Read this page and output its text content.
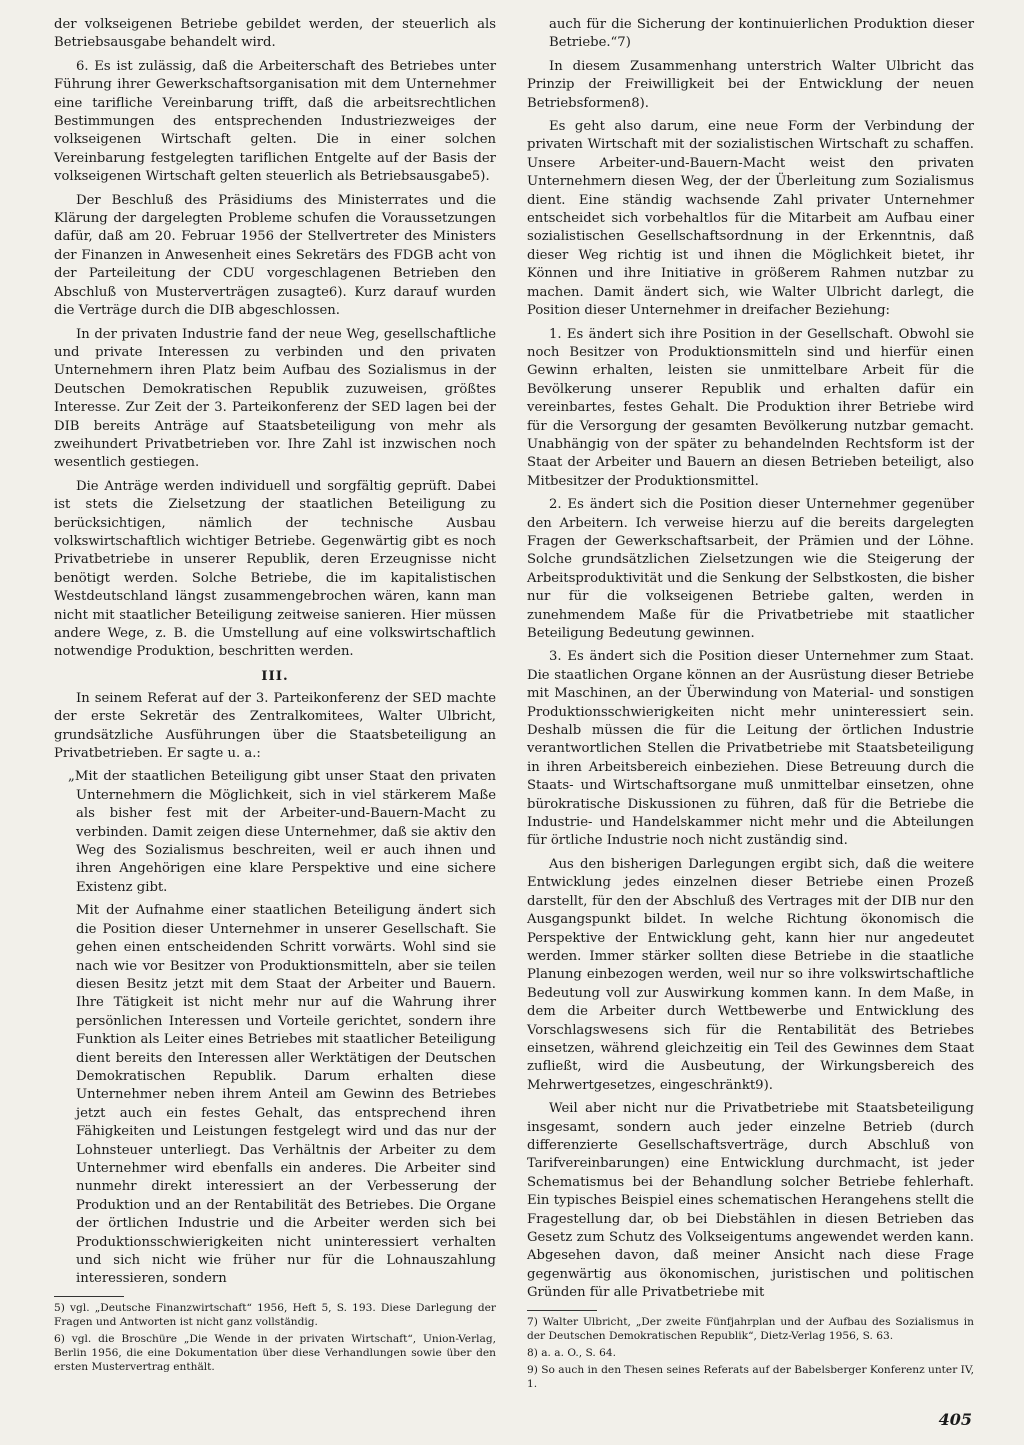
der volkseigenen Betriebe gebildet werden, der steuerlich als Betriebsausgabe behandelt wird.

6. Es ist zulässig, daß die Arbeiterschaft des Betriebes unter Führung ihrer Gewerkschaftsorganisation mit dem Unternehmer eine tarifliche Vereinbarung trifft, daß die arbeitsrechtlichen Bestimmungen des entsprechenden Industriezweiges der volkseigenen Wirtschaft gelten. Die in einer solchen Vereinbarung festgelegten tariflichen Entgelte auf der Basis der volkseigenen Wirtschaft gelten steuerlich als Betriebsausgabe5).

Der Beschluß des Präsidiums des Ministerrates und die Klärung der dargelegten Probleme schufen die Voraussetzungen dafür, daß am 20. Februar 1956 der Stellvertreter des Ministers der Finanzen in Anwesenheit eines Sekretärs des FDGB acht von der Parteileitung der CDU vorgeschlagenen Betrieben den Abschluß von Musterverträgen zusagte6). Kurz darauf wurden die Verträge durch die DIB abgeschlossen.

In der privaten Industrie fand der neue Weg, gesellschaftliche und private Interessen zu verbinden und den privaten Unternehmern ihren Platz beim Aufbau des Sozialismus in der Deutschen Demokratischen Republik zuzuweisen, größtes Interesse. Zur Zeit der 3. Parteikonferenz der SED lagen bei der DIB bereits Anträge auf Staatsbeteiligung von mehr als zweihundert Privatbetrieben vor. Ihre Zahl ist inzwischen noch wesentlich gestiegen.

Die Anträge werden individuell und sorgfältig geprüft. Dabei ist stets die Zielsetzung der staatlichen Beteiligung zu berücksichtigen, nämlich der technische Ausbau volkswirtschaftlich wichtiger Betriebe. Gegenwärtig gibt es noch Privatbetriebe in unserer Republik, deren Erzeugnisse nicht benötigt werden. Solche Betriebe, die im kapitalistischen Westdeutschland längst zusammengebrochen wären, kann man nicht mit staatlicher Beteiligung zeitweise sanieren. Hier müssen andere Wege, z. B. die Umstellung auf eine volkswirtschaftlich notwendige Produktion, beschritten werden.

III.

In seinem Referat auf der 3. Parteikonferenz der SED machte der erste Sekretär des Zentralkomitees, Walter Ulbricht, grundsätzliche Ausführungen über die Staatsbeteiligung an Privatbetrieben. Er sagte u. a.:

„Mit der staatlichen Beteiligung gibt unser Staat den privaten Unternehmern die Möglichkeit, sich in viel stärkerem Maße als bisher fest mit der Arbeiter-und-Bauern-Macht zu verbinden. Damit zeigen diese Unternehmer, daß sie aktiv den Weg des Sozialismus beschreiten, weil er auch ihnen und ihren Angehörigen eine klare Perspektive und eine sichere Existenz gibt.

Mit der Aufnahme einer staatlichen Beteiligung ändert sich die Position dieser Unternehmer in unserer Gesellschaft. Sie gehen einen entscheidenden Schritt vorwärts. Wohl sind sie nach wie vor Besitzer von Produktionsmitteln, aber sie teilen diesen Besitz jetzt mit dem Staat der Arbeiter und Bauern. Ihre Tätigkeit ist nicht mehr nur auf die Wahrung ihrer persönlichen Interessen und Vorteile gerichtet, sondern ihre Funktion als Leiter eines Betriebes mit staatlicher Beteiligung dient bereits den Interessen aller Werktätigen der Deutschen Demokratischen Republik. Darum erhalten diese Unternehmer neben ihrem Anteil am Gewinn des Betriebes jetzt auch ein festes Gehalt, das entsprechend ihren Fähigkeiten und Leistungen festgelegt wird und das nur der Lohnsteuer unterliegt. Das Verhältnis der Arbeiter zu dem Unternehmer wird ebenfalls ein anderes. Die Arbeiter sind nunmehr direkt interessiert an der Verbesserung der Produktion und an der Rentabilität des Betriebes. Die Organe der örtlichen Industrie und die Arbeiter werden sich bei Produktionsschwierigkeiten nicht uninteressiert verhalten und sich nicht wie früher nur für die Lohnauszahlung interessieren, sondern

5) vgl. „Deutsche Finanzwirtschaft“ 1956, Heft 5, S. 193. Diese Darlegung der Fragen und Antworten ist nicht ganz vollständig.

6) vgl. die Broschüre „Die Wende in der privaten Wirtschaft“, Union-Verlag, Berlin 1956, die eine Dokumentation über diese Verhandlungen sowie über den ersten Mustervertrag enthält.

auch für die Sicherung der kontinuierlichen Produktion dieser Betriebe.“7)

In diesem Zusammenhang unterstrich Walter Ulbricht das Prinzip der Freiwilligkeit bei der Entwicklung der neuen Betriebsformen8).

Es geht also darum, eine neue Form der Verbindung der privaten Wirtschaft mit der sozialistischen Wirtschaft zu schaffen. Unsere Arbeiter-und-Bauern-Macht weist den privaten Unternehmern diesen Weg, der der Überleitung zum Sozialismus dient. Eine ständig wachsende Zahl privater Unternehmer entscheidet sich vorbehaltlos für die Mitarbeit am Aufbau einer sozialistischen Gesellschaftsordnung in der Erkenntnis, daß dieser Weg richtig ist und ihnen die Möglichkeit bietet, ihr Können und ihre Initiative in größerem Rahmen nutzbar zu machen. Damit ändert sich, wie Walter Ulbricht darlegt, die Position dieser Unternehmer in dreifacher Beziehung:

1. Es ändert sich ihre Position in der Gesellschaft. Obwohl sie noch Besitzer von Produktionsmitteln sind und hierfür einen Gewinn erhalten, leisten sie unmittelbare Arbeit für die Bevölkerung unserer Republik und erhalten dafür ein vereinbartes, festes Gehalt. Die Produktion ihrer Betriebe wird für die Versorgung der gesamten Bevölkerung nutzbar gemacht. Unabhängig von der später zu behandelnden Rechtsform ist der Staat der Arbeiter und Bauern an diesen Betrieben beteiligt, also Mitbesitzer der Produktionsmittel.

2. Es ändert sich die Position dieser Unternehmer gegenüber den Arbeitern. Ich verweise hierzu auf die bereits dargelegten Fragen der Gewerkschaftsarbeit, der Prämien und der Löhne. Solche grundsätzlichen Zielsetzungen wie die Steigerung der Arbeitsproduktivität und die Senkung der Selbstkosten, die bisher nur für die volkseigenen Betriebe galten, werden in zunehmendem Maße für die Privatbetriebe mit staatlicher Beteiligung Bedeutung gewinnen.

3. Es ändert sich die Position dieser Unternehmer zum Staat. Die staatlichen Organe können an der Ausrüstung dieser Betriebe mit Maschinen, an der Überwindung von Material- und sonstigen Produktionsschwierigkeiten nicht mehr uninteressiert sein. Deshalb müssen die für die Leitung der örtlichen Industrie verantwortlichen Stellen die Privatbetriebe mit Staatsbeteiligung in ihren Arbeitsbereich einbeziehen. Diese Betreuung durch die Staats- und Wirtschaftsorgane muß unmittelbar einsetzen, ohne bürokratische Diskussionen zu führen, daß für die Betriebe die Industrie- und Handelskammer nicht mehr und die Abteilungen für örtliche Industrie noch nicht zuständig sind.

Aus den bisherigen Darlegungen ergibt sich, daß die weitere Entwicklung jedes einzelnen dieser Betriebe einen Prozeß darstellt, für den der Abschluß des Vertrages mit der DIB nur den Ausgangspunkt bildet. In welche Richtung ökonomisch die Perspektive der Entwicklung geht, kann hier nur angedeutet werden. Immer stärker sollten diese Betriebe in die staatliche Planung einbezogen werden, weil nur so ihre volkswirtschaftliche Bedeutung voll zur Auswirkung kommen kann. In dem Maße, in dem die Arbeiter durch Wettbewerbe und Entwicklung des Vorschlagswesens sich für die Rentabilität des Betriebes einsetzen, während gleichzeitig ein Teil des Gewinnes dem Staat zufließt, wird die Ausbeutung, der Wirkungsbereich des Mehrwertgesetzes, eingeschränkt9).

Weil aber nicht nur die Privatbetriebe mit Staatsbeteiligung insgesamt, sondern auch jeder einzelne Betrieb (durch differenzierte Gesellschaftsverträge, durch Abschluß von Tarifvereinbarungen) eine Entwicklung durchmacht, ist jeder Schematismus bei der Behandlung solcher Betriebe fehlerhaft. Ein typisches Beispiel eines schematischen Herangehens stellt die Fragestellung dar, ob bei Diebstählen in diesen Betrieben das Gesetz zum Schutz des Volkseigentums angewendet werden kann. Abgesehen davon, daß meiner Ansicht nach diese Frage gegenwärtig aus ökonomischen, juristischen und politischen Gründen für alle Privatbetriebe mit

7) Walter Ulbricht, „Der zweite Fünfjahrplan und der Aufbau des Sozialismus in der Deutschen Demokratischen Republik“, Dietz-Verlag 1956, S. 63.

8) a. a. O., S. 64.

9) So auch in den Thesen seines Referats auf der Babelsberger Konferenz unter IV, 1.

405
